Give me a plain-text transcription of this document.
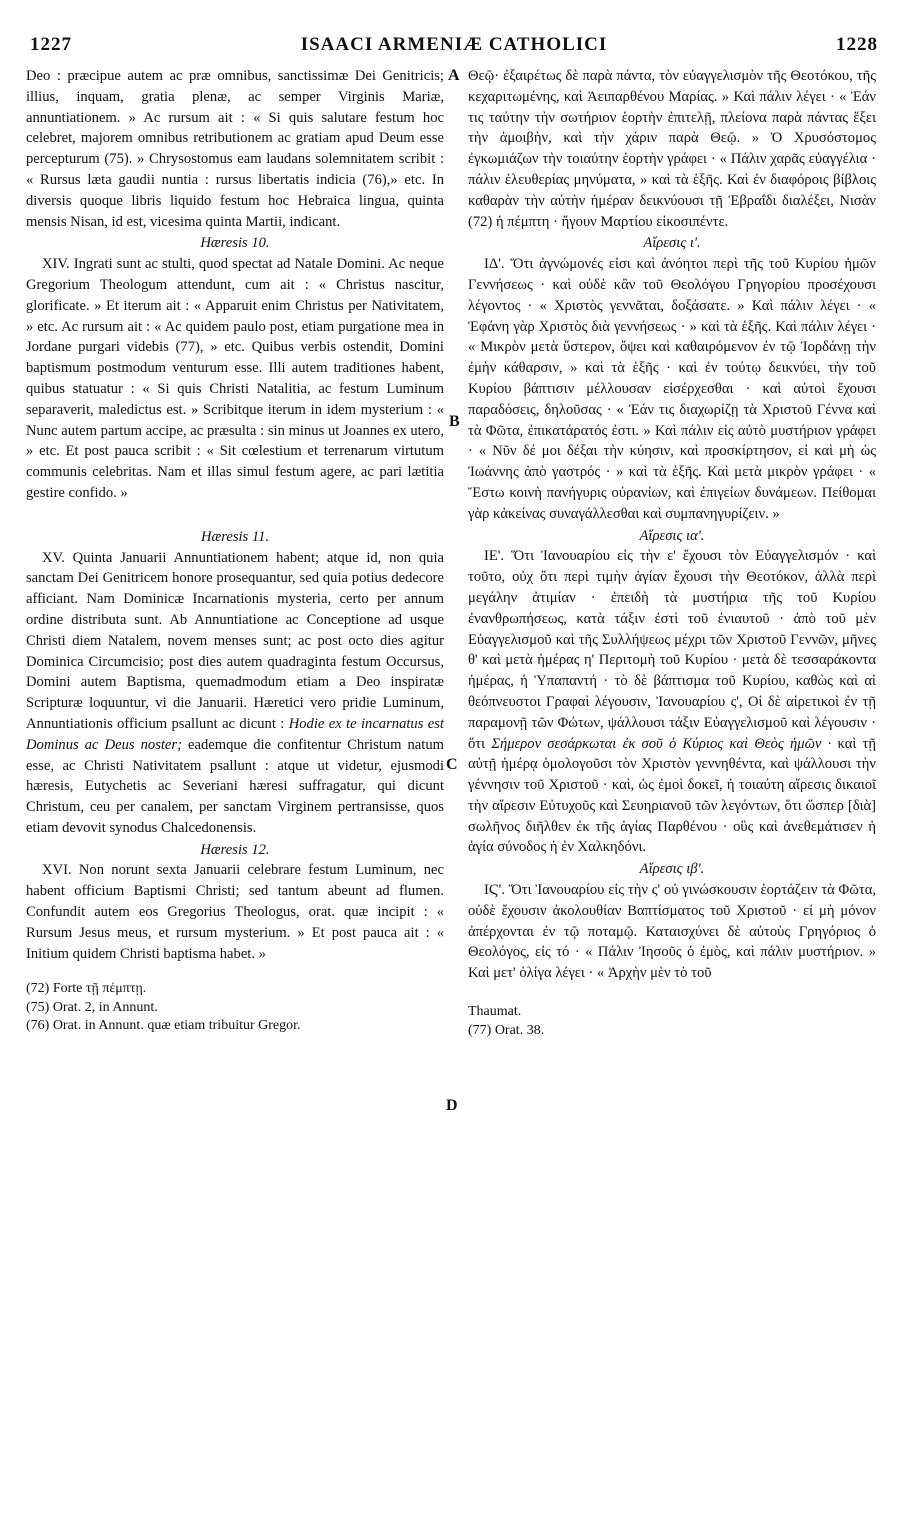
1227	ISAACI ARMENIÆ CATHOLICI	1228
A
B
C
D

Deo : præcipue autem ac præ omnibus, sanctissimæ Dei Genitricis; illius, inquam, gratia plenæ, ac semper Virginis Mariæ, annuntiationem. » Ac rursum ait : « Si quis salutare festum hoc celebret, majorem omnibus retributionem ac gratiam apud Deum esse percepturum (75). » Chrysostomus eam laudans solemnitatem scribit : « Rursus læta gaudii nuntia : rursus libertatis indicia (76),» etc. In diversis quoque libris liquido festum hoc Hebraica lingua, quinta mensis Nisan, id est, vicesima quinta Martii, indicant.

Hæresis 10.

XIV. Ingrati sunt ac stulti, quod spectat ad Natale Domini. Ac neque Gregorium Theologum attendunt, cum ait : « Christus nascitur, glorificate. » Et iterum ait : « Apparuit enim Christus per Nativitatem, » etc. Ac rursum ait : « Ac quidem paulo post, etiam purgatione mea in Jordane purgari videbis (77), » etc. Quibus verbis ostendit, Domini baptismum postmodum venturum esse. Illi autem traditiones habent, quibus statuatur : « Si quis Christi Natalitia, ac festum Luminum separaverit, maledictus est. » Scribitque iterum in idem mysterium : « Nunc autem partum accipe, ac præsulta : sin minus ut Joannes ex utero, » etc. Et post pauca scribit : « Sit cœlestium et terrenarum virtutum communis celebritas. Nam et illas simul festum agere, ac pari lætitia gestire confido. »

Hæresis 11.

XV. Quinta Januarii Annuntiationem habent; atque id, non quia sanctam Dei Genitricem honore prosequantur, sed quia potius dedecore afficiant. Nam Dominicæ Incarnationis mysteria, certo per annum ordine distributa sunt. Ab Annuntiatione ac Conceptione ad usque Christi diem Natalem, novem menses sunt; ac post octo dies agitur Dominica Circumcisio; post dies autem quadraginta festum Occursus, Domini autem Baptisma, quemadmodum etiam a Deo inspiratæ Scripturæ loquuntur, vi die Januarii. Hæretici vero pridie Luminum, Annuntiationis officium psallunt ac dicunt : Hodie ex te incarnatus est Dominus ac Deus noster; eademque die confitentur Christum natum esse, ac Christi Nativitatem psallunt : atque ut videtur, ejusmodi hæresis, Eutychetis ac Severiani hæresi suffragatur, qui dicunt Christum, ceu per canalem, per sanctam Virginem pertransisse, quos etiam devovit synodus Chalcedonensis.

Hæresis 12.

XVI. Non norunt sexta Januarii celebrare festum Luminum, nec habent officium Baptismi Christi; sed tantum abeunt ad flumen. Confundit autem eos Gregorius Theologus, orat. quæ incipit : « Rursum Jesus meus, et rursum mysterium. » Et post pauca ait : « Initium quidem Christi baptisma habet. »

(72) Forte τῇ πέμπτῃ.
(75) Orat. 2, in Annunt.
(76) Orat. in Annunt. quæ etiam tribuitur Gregor.

Θεῷ· ἐξαιρέτως δὲ παρὰ πάντα, τὸν εὐαγγελισμὸν τῆς Θεοτόκου, τῆς κεχαριτωμένης, καὶ Ἀειπαρθένου Μαρίας. » Καὶ πάλιν λέγει · « Ἐάν τις ταύτην τὴν σωτήριον ἑορτὴν ἐπιτελῇ, πλείονα παρὰ πάντας ἕξει τὴν ἀμοιβὴν, καὶ τὴν χάριν παρὰ Θεῷ. » Ὁ Χρυσόστομος ἐγκωμιάζων τὴν τοιαύτην ἑορτὴν γράφει · « Πάλιν χαρᾶς εὐαγγέλια · πάλιν ἐλευθερίας μηνύματα, » καὶ τὰ ἑξῆς. Καὶ ἐν διαφόροις βίβλοις καθαρὰν τὴν αὐτὴν ἡμέραν δεικνύουσι τῇ Ἑβραΐδι διαλέξει, Νισὰν (72) ἡ πέμπτη · ἤγουν Μαρτίου εἰκοσιπέντε.

Αἵρεσις ι'.

ΙΔ'. Ὅτι ἀγνώμονές εἰσι καὶ ἀνόητοι περὶ τῆς τοῦ Κυρίου ἡμῶν Γεννήσεως · καὶ οὐδὲ κἂν τοῦ Θεολόγου Γρηγορίου προσέχουσι λέγοντος · « Χριστὸς γεννᾶται, δοξάσατε. » Καὶ πάλιν λέγει · « Ἐφάνη γὰρ Χριστὸς διὰ γεννήσεως · » καὶ τὰ ἑξῆς. Καὶ πάλιν λέγει · « Μικρὸν μετὰ ὕστερον, ὄψει καὶ καθαιρόμενον ἐν τῷ Ἰορδάνῃ τὴν ἐμὴν κάθαρσιν, » καὶ τὰ ἑξῆς · καὶ ἐν τούτῳ δεικνύει, τὴν τοῦ Κυρίου βάπτισιν μέλλουσαν εἰσέρχεσθαι · καὶ αὐτοὶ ἔχουσι παραδόσεις, δηλοῦσας · « Ἐάν τις διαχωρίζῃ τὰ Χριστοῦ Γέννα καὶ τὰ Φῶτα, ἐπικατάρατός ἐστι. » Καὶ πάλιν εἰς αὐτὸ μυστήριον γράφει · « Νῦν δέ μοι δέξαι τὴν κύησιν, καὶ προσκίρτησον, εἰ καὶ μὴ ὡς Ἰωάννης ἀπὸ γαστρός · » καὶ τὰ ἑξῆς. Καὶ μετὰ μικρὸν γράφει · « Ἔστω κοινὴ πανήγυρις οὐρανίων, καὶ ἐπιγείων δυνάμεων. Πείθομαι γὰρ κἀκείνας συναγάλλεσθαι καὶ συμπανηγυρίζειν. »

Αἵρεσις ια'.

ΙΕ'. Ὅτι Ἰανουαρίου εἰς τὴν ε' ἔχουσι τὸν Εὐαγγελισμόν · καὶ τοῦτο, οὐχ ὅτι περὶ τιμὴν ἁγίαν ἔχουσι τὴν Θεοτόκον, ἀλλὰ περὶ μεγάλην ἀτιμίαν · ἐπειδὴ τὰ μυστήρια τῆς τοῦ Κυρίου ἐνανθρωπήσεως, κατὰ τάξιν ἐστὶ τοῦ ἐνιαυτοῦ · ἀπὸ τοῦ μὲν Εὐαγγελισμοῦ καὶ τῆς Συλλήψεως μέχρι τῶν Χριστοῦ Γεννῶν, μῆνες θ' καὶ μετὰ ἡμέρας η' Περιτομὴ τοῦ Κυρίου · μετὰ δὲ τεσσαράκοντα ἡμέρας, ἡ Ὑπαπαντή · τὸ δὲ βάπτισμα τοῦ Κυρίου, καθὼς καὶ αἱ θεόπνευστοι Γραφαὶ λέγουσιν, Ἰανουαρίου ς', Οἱ δὲ αἱρετικοὶ ἐν τῇ παραμονῇ τῶν Φώτων, ψάλλουσι τάξιν Εὐαγγελισμοῦ καὶ λέγουσιν · ὅτι Σήμερον σεσάρκωται ἐκ σοῦ ὁ Κύριος καὶ Θεὸς ἡμῶν · καὶ τῇ αὐτῇ ἡμέρᾳ ὁμολογοῦσι τὸν Χριστὸν γεννηθέντα, καὶ ψάλλουσι τὴν γέννησιν τοῦ Χριστοῦ · καὶ, ὡς ἐμοὶ δοκεῖ, ἡ τοιαύτη αἵρεσις δικαιοῖ τὴν αἵρεσιν Εὐτυχοῦς καὶ Σευηριανοῦ τῶν λεγόντων, ὅτι ὥσπερ [διὰ] σωλῆνος διῆλθεν ἐκ τῆς ἁγίας Παρθένου · οὓς καὶ ἀνεθεμάτισεν ἡ ἁγία σύνοδος ἡ ἐν Χαλκηδόνι.

Αἵρεσις ιβ'.

ΙϚ'. Ὅτι Ἰανουαρίου εἰς τὴν ς' οὐ γινώσκουσιν ἑορτάζειν τὰ Φῶτα, οὐδὲ ἔχουσιν ἀκολουθίαν Βαπτίσματος τοῦ Χριστοῦ · εἰ μὴ μόνον ἀπέρχονται ἐν τῷ ποταμῷ. Καταισχύνει δὲ αὐτοὺς Γρηγόριος ὁ Θεολόγος, εἰς τό · « Πάλιν Ἰησοῦς ὁ ἐμὸς, καὶ πάλιν μυστήριον. » Καὶ μετ' ὀλίγα λέγει · « Ἀρχὴν μὲν τὸ τοῦ

Thaumat.
(77) Orat. 38.
